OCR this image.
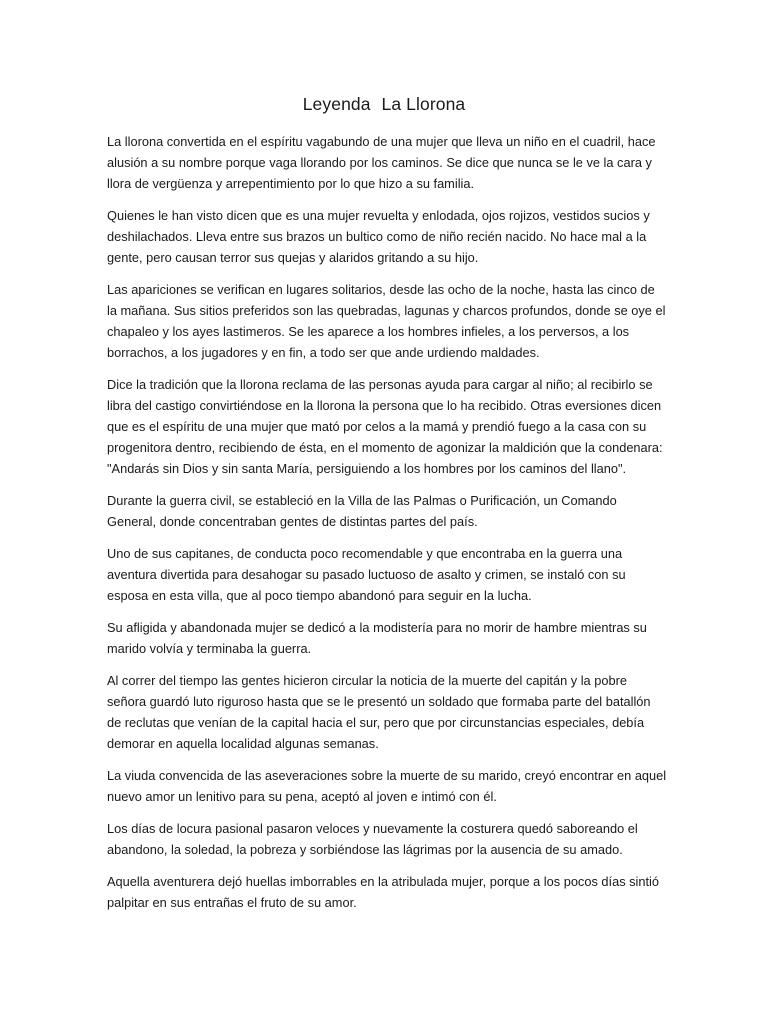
Leyenda La Llorona

La llorona convertida en el espíritu vagabundo de una mujer que lleva un niño en el cuadril, hace alusión a su nombre porque vaga llorando por los caminos. Se dice que nunca se le ve la cara y llora de vergüenza y arrepentimiento por lo que hizo a su familia.

Quienes le han visto dicen que es una mujer revuelta y enlodada, ojos rojizos, vestidos sucios y deshilachados. Lleva entre sus brazos un bultico como de niño recién nacido. No hace mal a la gente, pero causan terror sus quejas y alaridos gritando a su hijo.

Las apariciones se verifican en lugares solitarios, desde las ocho de la noche, hasta las cinco de la mañana. Sus sitios preferidos son las quebradas, lagunas y charcos profundos, donde se oye el chapaleo y los ayes lastimeros. Se les aparece a los hombres infieles, a los perversos, a los borrachos, a los jugadores y en fin, a todo ser que ande urdiendo maldades.

Dice la tradición que la llorona reclama de las personas ayuda para cargar al niño; al recibirlo se libra del castigo convirtiéndose en la llorona la persona que lo ha recibido. Otras eversiones dicen que es el espíritu de una mujer que mató por celos a la mamá y prendió fuego a la casa con su progenitora dentro, recibiendo de ésta, en el momento de agonizar la maldición que la condenara: "Andarás sin Dios y sin santa María, persiguiendo a los hombres por los caminos del llano".

Durante la guerra civil, se estableció en la Villa de las Palmas o Purificación, un Comando General, donde concentraban gentes de distintas partes del país.

Uno de sus capitanes, de conducta poco recomendable y que encontraba en la guerra una aventura divertida para desahogar su pasado luctuoso de asalto y crimen, se instaló con su esposa en esta villa, que al poco tiempo abandonó para seguir en la lucha.

Su afligida y abandonada mujer se dedicó a la modistería para no morir de hambre mientras su marido volvía y terminaba la guerra.

Al correr del tiempo las gentes hicieron circular la noticia de la muerte del capitán y la pobre señora guardó luto riguroso hasta que se le presentó un soldado que formaba parte del batallón de reclutas que venían de la capital hacia el sur, pero que por circunstancias especiales, debía demorar en aquella localidad algunas semanas.

La viuda convencida de las aseveraciones sobre la muerte de su marido, creyó encontrar en aquel nuevo amor un lenitivo para su pena, aceptó al joven e intimó con él.

Los días de locura pasional pasaron veloces y nuevamente la costurera quedó saboreando el abandono, la soledad, la pobreza y sorbiéndose las lágrimas por la ausencia de su amado.

Aquella aventurera dejó huellas imborrables en la atribulada mujer, porque a los pocos días sintió palpitar en sus entrañas el fruto de su amor.
